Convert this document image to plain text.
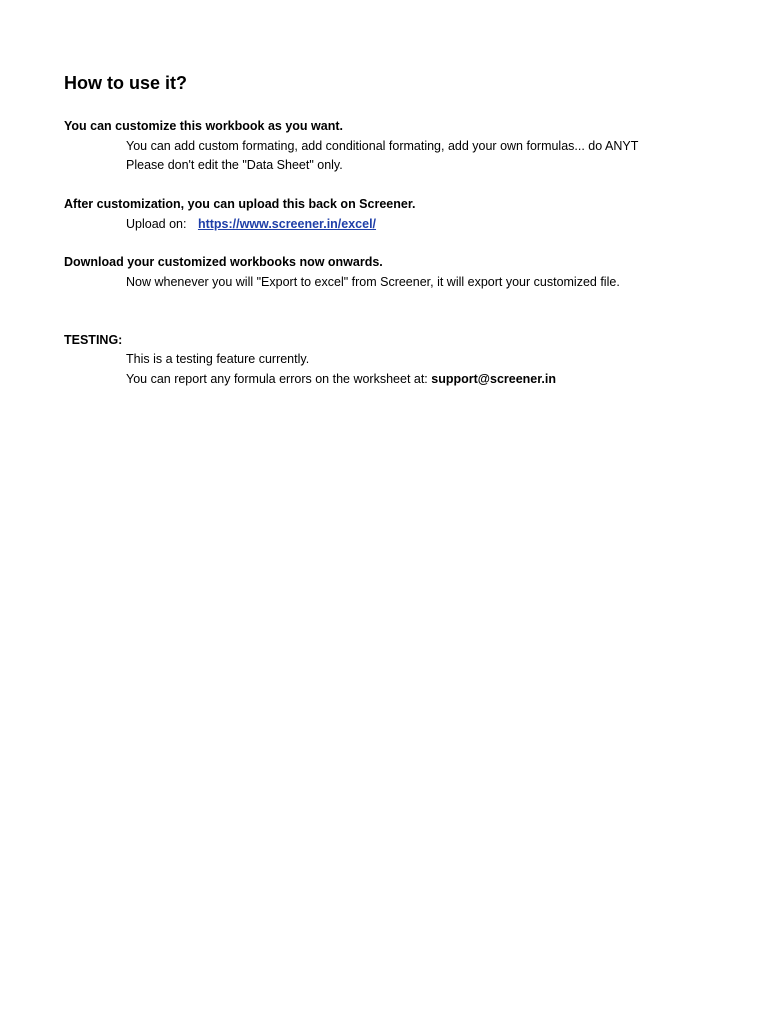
How to use it?
You can customize this workbook as you want.
You can add custom formating, add conditional formating, add your own formulas... do ANYT
Please don't edit the "Data Sheet" only.
After customization, you can upload this back on Screener.
Upload on: https://www.screener.in/excel/
Download your customized workbooks now onwards.
Now whenever you will "Export to excel" from Screener, it will export your customized file.
TESTING:
This is a testing feature currently.
You can report any formula errors on the worksheet at: support@screener.in
